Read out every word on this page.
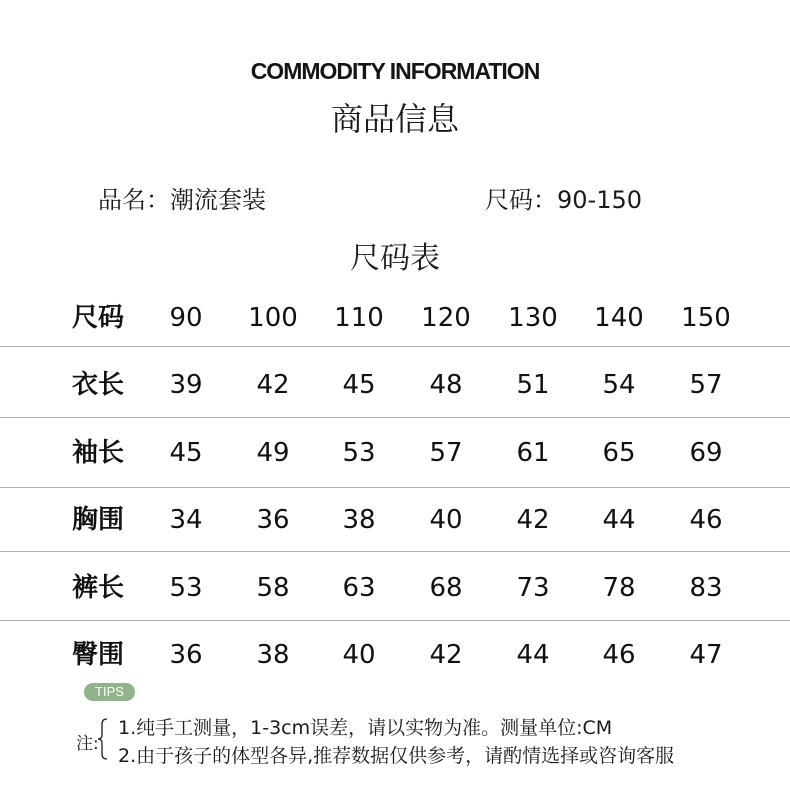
COMMODITY INFORMATION
商品信息
品名：潮流套装	尺码：90-150
尺码表
尺码	90	100 110 120 130 140 150
衣长	39	42	45	48	51	54	57
袖长	45	49	53	57	61	65	69
胸围	34	36	38	40	42	44	46
裤长	53	58	63	68	73	78	83
臀围	36	38	40	42	44	46	47
TIPS
注:
1.纯手工测量，1-3cm误差，请以实物为准。测量单位:CM
2.由于孩子的体型各异,推荐数据仅供参考，请酌情选择或咨询客服
